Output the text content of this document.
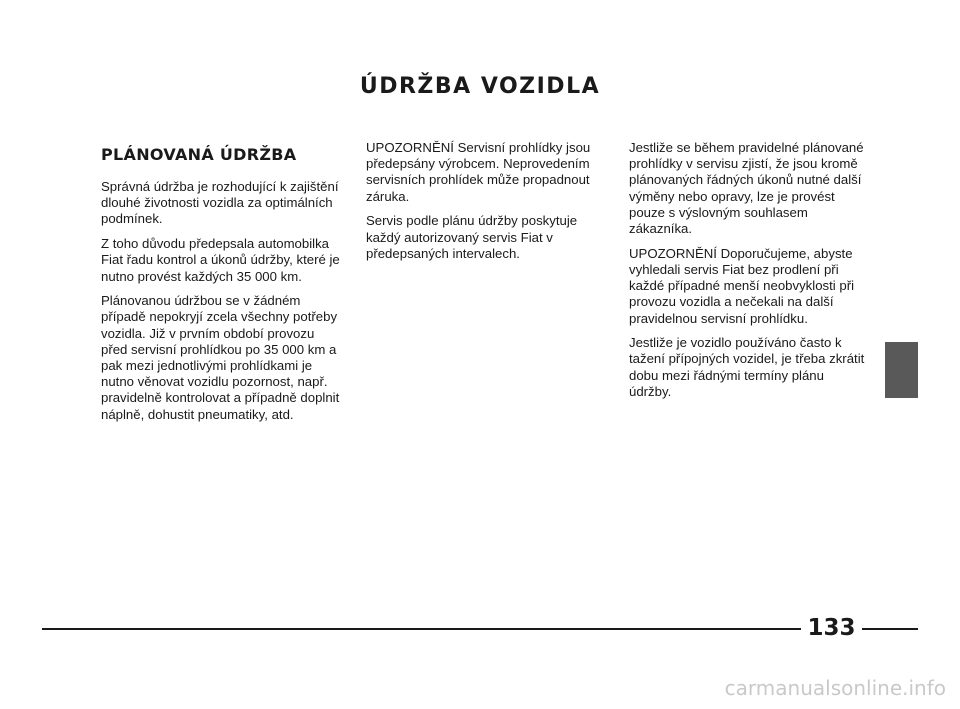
ÚDRŽBA VOZIDLA
PLÁNOVANÁ ÚDRŽBA

Správná údržba je rozhodující k zajištění dlouhé životnosti vozidla za optimálních podmínek.

Z toho důvodu předepsala automobilka Fiat řadu kontrol a úkonů údržby, které je nutno provést každých 35 000 km.

Plánovanou údržbou se v žádném případě nepokryjí zcela všechny potřeby vozidla. Již v prvním období provozu před servisní prohlídkou po 35 000 km a pak mezi jednotlivými prohlídkami je nutno věnovat vozidlu pozornost, např. pravidelně kontrolovat a případně doplnit náplně, dohustit pneumatiky, atd.

UPOZORNĚNÍ Servisní prohlídky jsou předepsány výrobcem. Neprovedením servisních prohlídek může propadnout záruka.

Servis podle plánu údržby poskytuje každý autorizovaný servis Fiat v předepsaných intervalech.

Jestliže se během pravidelné plánované prohlídky v servisu zjistí, že jsou kromě plánovaných řádných úkonů nutné další výměny nebo opravy, lze je provést pouze s výslovným souhlasem zákazníka.

UPOZORNĚNÍ Doporučujeme, abyste vyhledali servis Fiat bez prodlení při každé případné menší neobvyklosti při provozu vozidla a nečekali na další pravidelnou servisní prohlídku.

Jestliže je vozidlo používáno často k tažení přípojných vozidel, je třeba zkrátit dobu mezi řádnými termíny plánu údržby.

133
carmanualsonline.info
